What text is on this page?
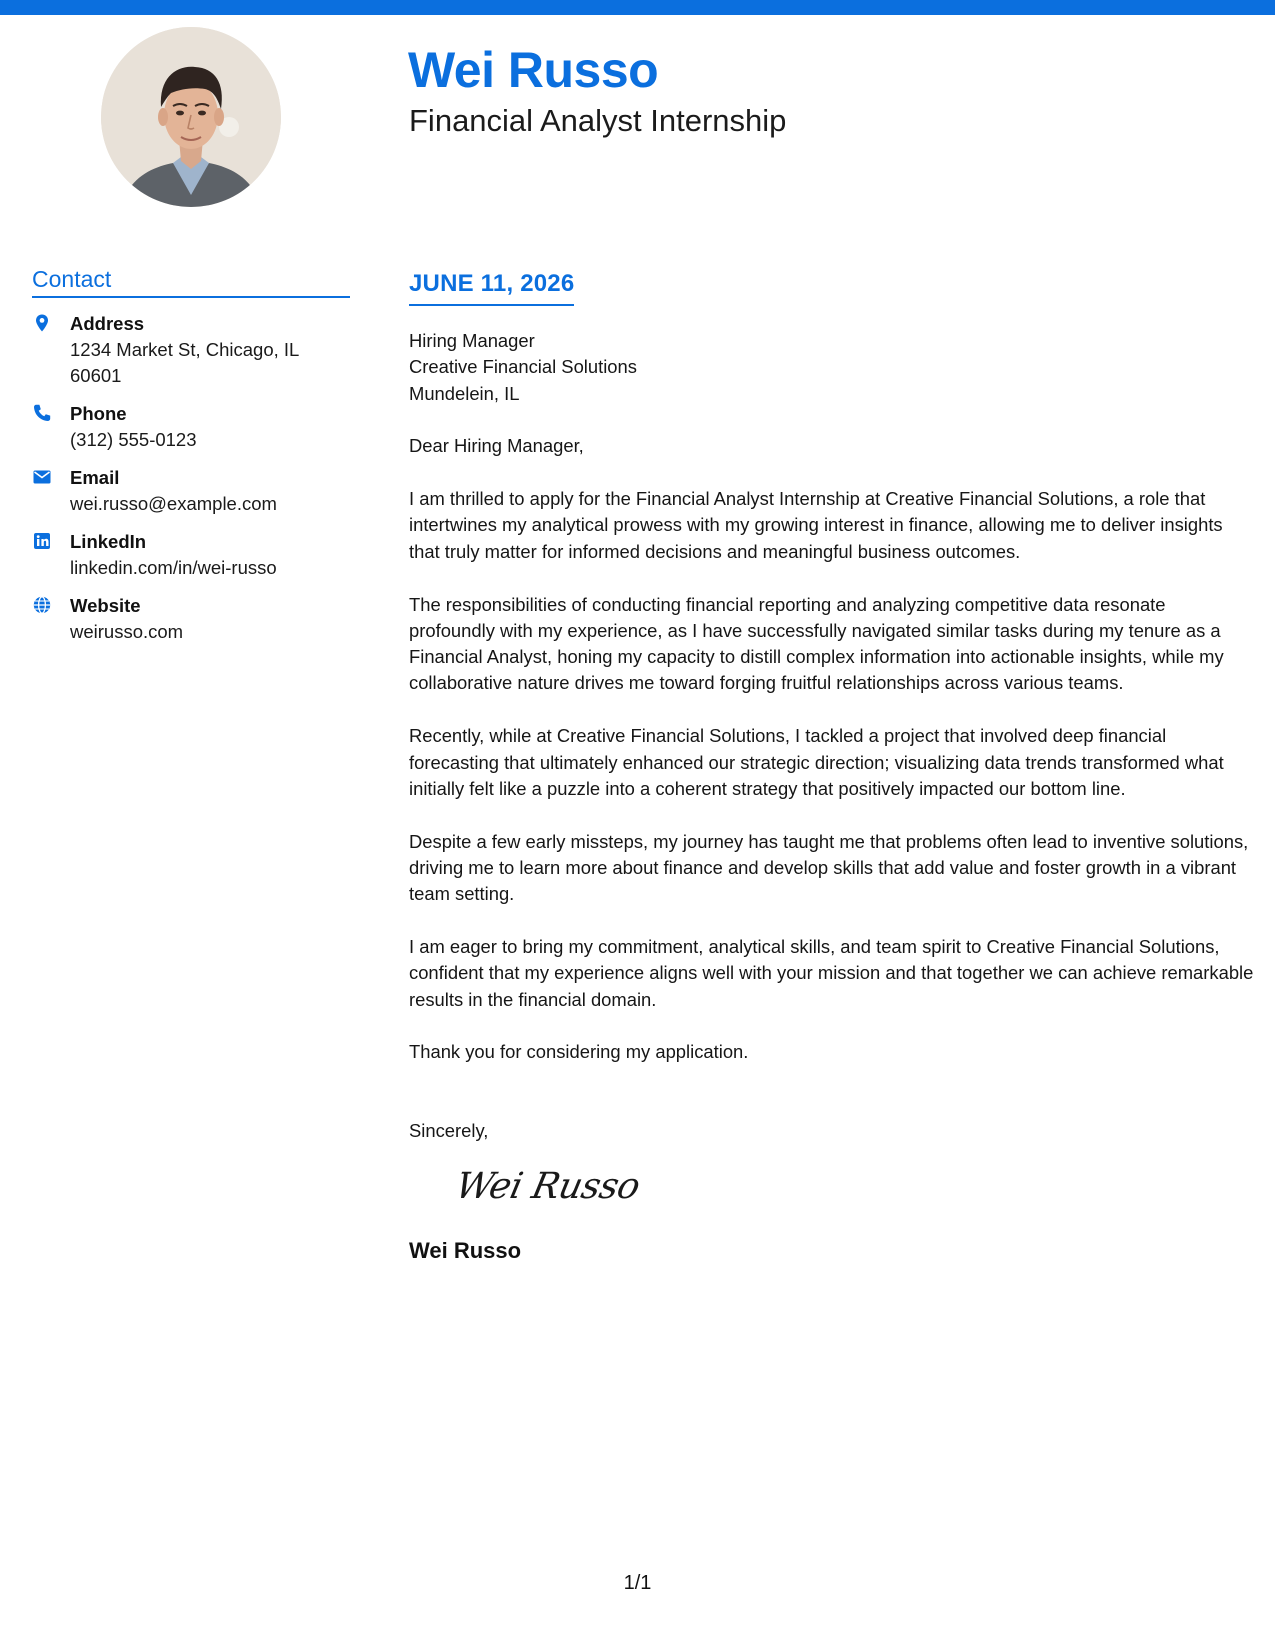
Wei Russo
Financial Analyst Internship
Contact
Address
1234 Market St, Chicago, IL 60601
Phone
(312) 555-0123
Email
wei.russo@example.com
LinkedIn
linkedin.com/in/wei-russo
Website
weirusso.com
JUNE 11, 2026

Hiring Manager

Creative Financial Solutions

Mundelein, IL

Dear Hiring Manager,

I am thrilled to apply for the Financial Analyst Internship at Creative Financial Solutions, a role that intertwines my analytical prowess with my growing interest in finance, allowing me to deliver insights that truly matter for informed decisions and meaningful business outcomes.

The responsibilities of conducting financial reporting and analyzing competitive data resonate profoundly with my experience, as I have successfully navigated similar tasks during my tenure as a Financial Analyst, honing my capacity to distill complex information into actionable insights, while my collaborative nature drives me toward forging fruitful relationships across various teams.

Recently, while at Creative Financial Solutions, I tackled a project that involved deep financial forecasting that ultimately enhanced our strategic direction; visualizing data trends transformed what initially felt like a puzzle into a coherent strategy that positively impacted our bottom line.

Despite a few early missteps, my journey has taught me that problems often lead to inventive solutions, driving me to learn more about finance and develop skills that add value and foster growth in a vibrant team setting.

I am eager to bring my commitment, analytical skills, and team spirit to Creative Financial Solutions, confident that my experience aligns well with your mission and that together we can achieve remarkable results in the financial domain.

Thank you for considering my application.

Sincerely,

Wei Russo
Wei Russo
1/1
